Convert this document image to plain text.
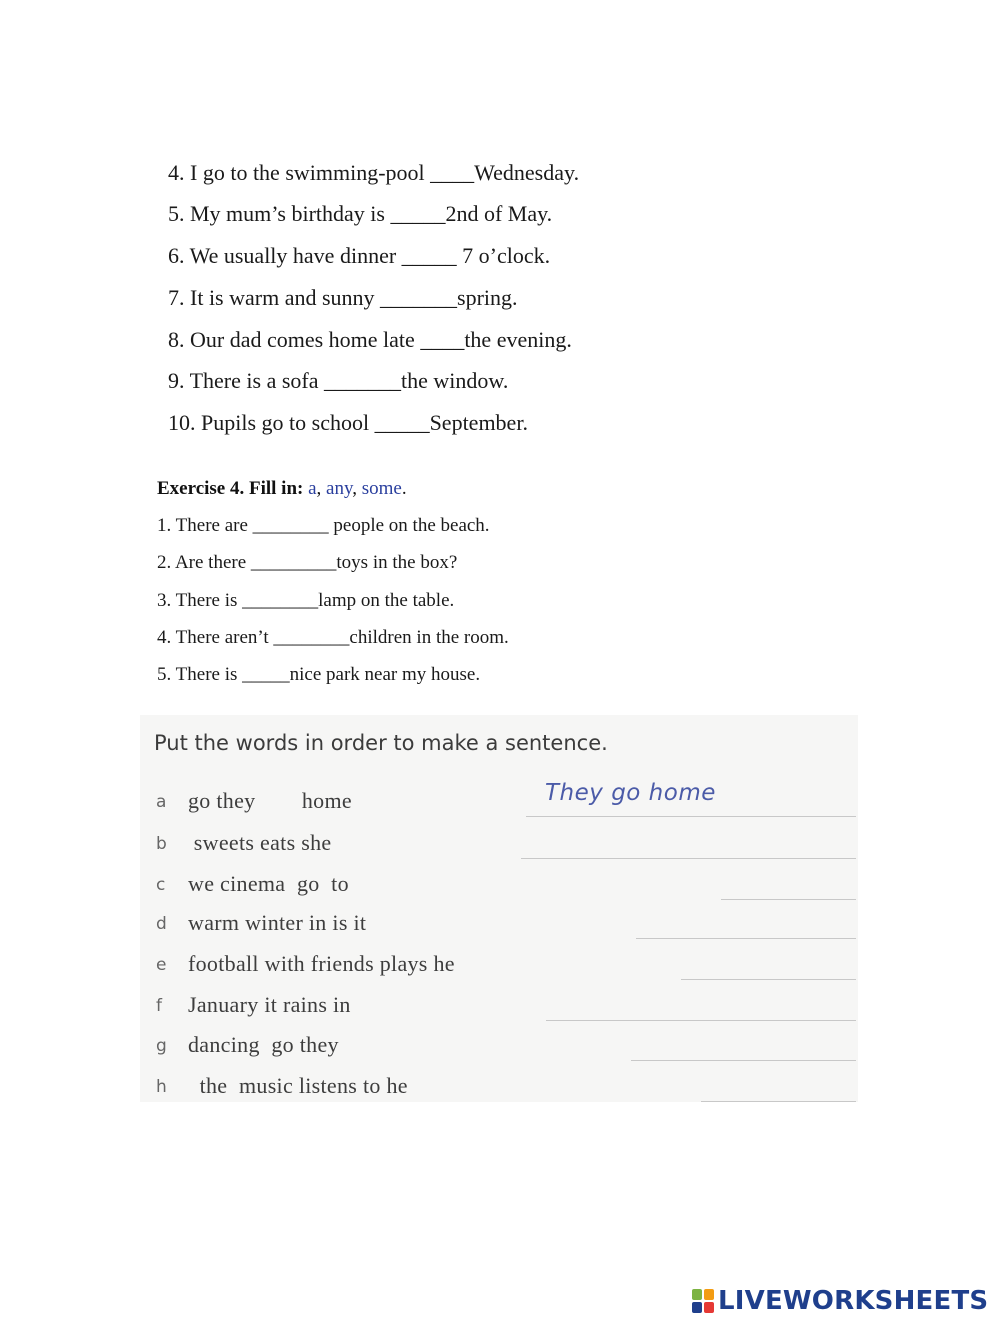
4. I go to the swimming-pool ____Wednesday.
5. My mum’s birthday is _____2nd of May.
6. We usually have dinner _____ 7 o’clock.
7. It is warm and sunny _______spring.
8. Our dad comes home late ____the evening.
9. There is a sofa _______the window.
10. Pupils go to school _____September.
Exercise 4. Fill in: a, any, some.
1. There are ________ people on the beach.
2. Are there _________toys in the box?
3. There is ________lamp on the table.
4. There aren’t ________children in the room.
5. There is _____nice park near my house.
Put the words in order to make a sentence.
a go they        home	They go home
b sweets eats she
c we cinema  go  to
d warm winter in is it
e football with friends plays he
f January it rains in
g dancing  go they
h the  music listens to he
LIVEWORKSHEETS
